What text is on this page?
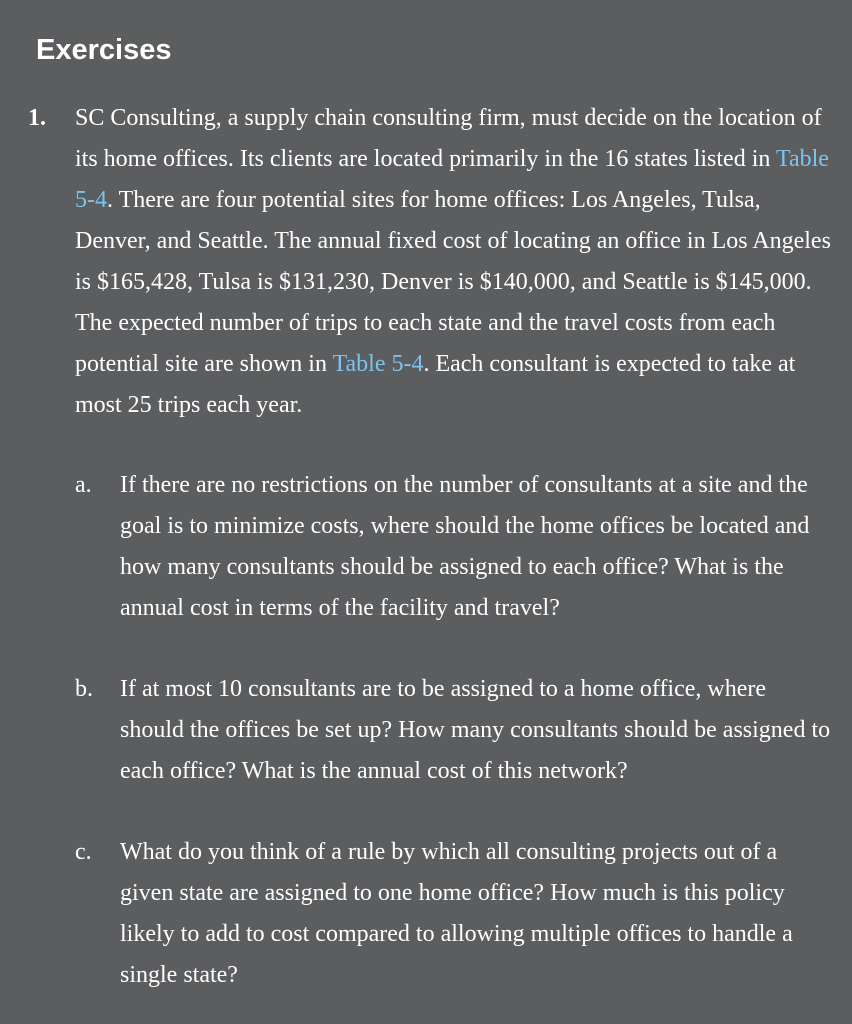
Exercises
1. SC Consulting, a supply chain consulting firm, must decide on the location of its home offices. Its clients are located primarily in the 16 states listed in Table 5-4. There are four potential sites for home offices: Los Angeles, Tulsa, Denver, and Seattle. The annual fixed cost of locating an office in Los Angeles is $165,428, Tulsa is $131,230, Denver is $140,000, and Seattle is $145,000. The expected number of trips to each state and the travel costs from each potential site are shown in Table 5-4. Each consultant is expected to take at most 25 trips each year.

a. If there are no restrictions on the number of consultants at a site and the goal is to minimize costs, where should the home offices be located and how many consultants should be assigned to each office? What is the annual cost in terms of the facility and travel?

b. If at most 10 consultants are to be assigned to a home office, where should the offices be set up? How many consultants should be assigned to each office? What is the annual cost of this network?

c. What do you think of a rule by which all consulting projects out of a given state are assigned to one home office? How much is this policy likely to add to cost compared to allowing multiple offices to handle a single state?
